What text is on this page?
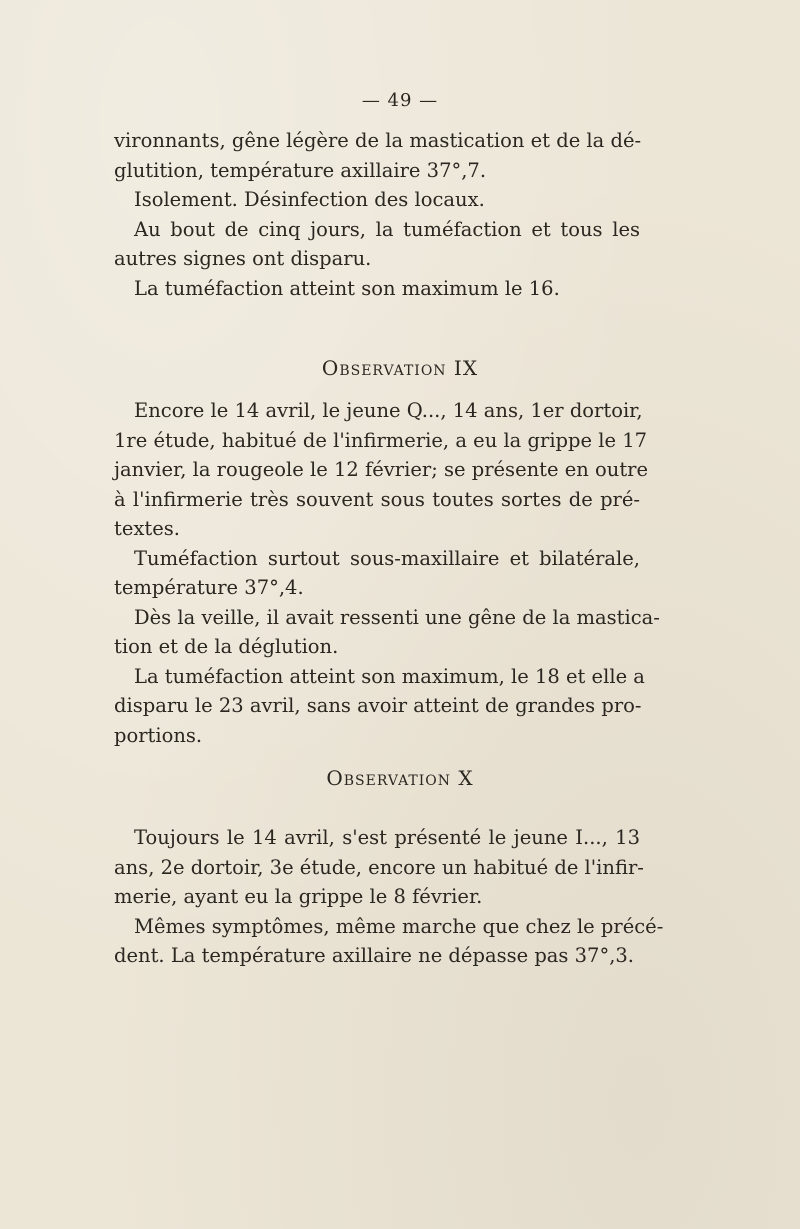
— 49 —
vironnants, gêne légère de la mastication et de la dé-
glutition, température axillaire 37°,7.
Isolement. Désinfection des locaux.
Au bout de cinq jours, la tuméfaction et tous les
autres signes ont disparu.
La tuméfaction atteint son maximum le 16.
Observation IX
Encore le 14 avril, le jeune Q..., 14 ans, 1er dortoir,
1re étude, habitué de l'infirmerie, a eu la grippe le 17
janvier, la rougeole le 12 février; se présente en outre
à l'infirmerie très souvent sous toutes sortes de pré-
textes.
Tuméfaction surtout sous-maxillaire et bilatérale,
température 37°,4.
Dès la veille, il avait ressenti une gêne de la mastica-
tion et de la déglution.
La tuméfaction atteint son maximum, le 18 et elle a
disparu le 23 avril, sans avoir atteint de grandes pro-
portions.
Observation X
Toujours le 14 avril, s'est présenté le jeune I..., 13
ans, 2e dortoir, 3e étude, encore un habitué de l'infir-
merie, ayant eu la grippe le 8 février.
Mêmes symptômes, même marche que chez le précé-
dent. La température axillaire ne dépasse pas 37°,3.
